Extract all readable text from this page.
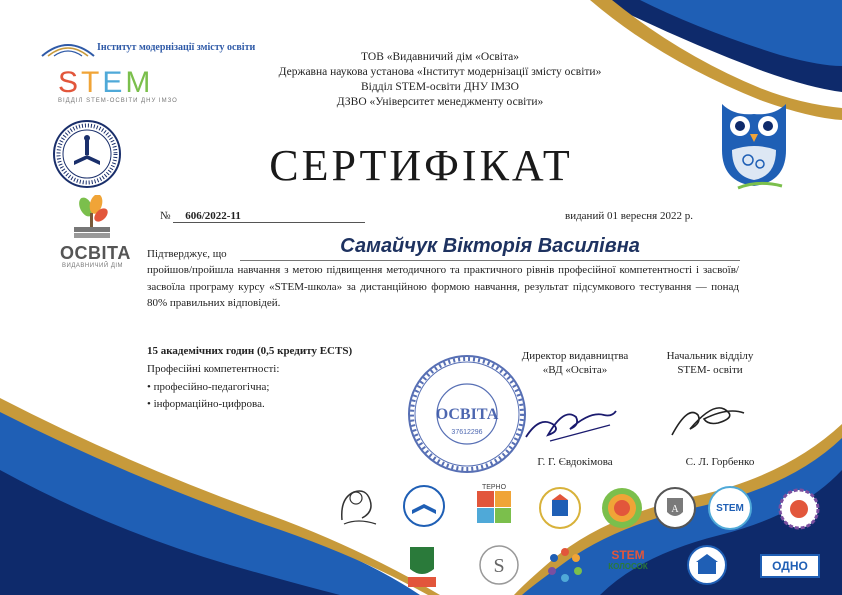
Інститут модернізації змісту освіти
STEM
ВІДДІЛ STEM-ОСВІТИ ДНУ ІМЗО
ОСВІТА
ВИДАВНИЧИЙ ДІМ
ТОВ «Видавничий дім «Освіта»
Державна наукова установа «Інститут модернізації змісту освіти»
Відділ STEM-освіти ДНУ ІМЗО
ДЗВО «Університет менеджменту освіти»
СЕРТИФІКАТ
№ 606/2022-11	виданий 01 вересня 2022 р.
Підтверджує, що	Самайчук Вікторія Василівна
пройшов/пройшла навчання з метою підвищення методичного та практичного рівнів професійної компетентності і засвоїв/засвоїла програму курсу «STEM-школа» за дистанційною формою навчання, результат підсумкового тестування — понад 80% правильних відповідей.
15 академічних годин (0,5 кредиту ECTS)
Професійні компетентності:
• професійно-педагогічна;
• інформаційно-цифрова.
ОСВІТА
37612296
Директор видавництва
«ВД «Освіта»
Начальник відділу
STEM- освіти
Г. Г. Євдокімова	С. Л. Горбенко
ТЕРНО
A	STEM
S	STEM
КОЛОСОК	ОДНО
